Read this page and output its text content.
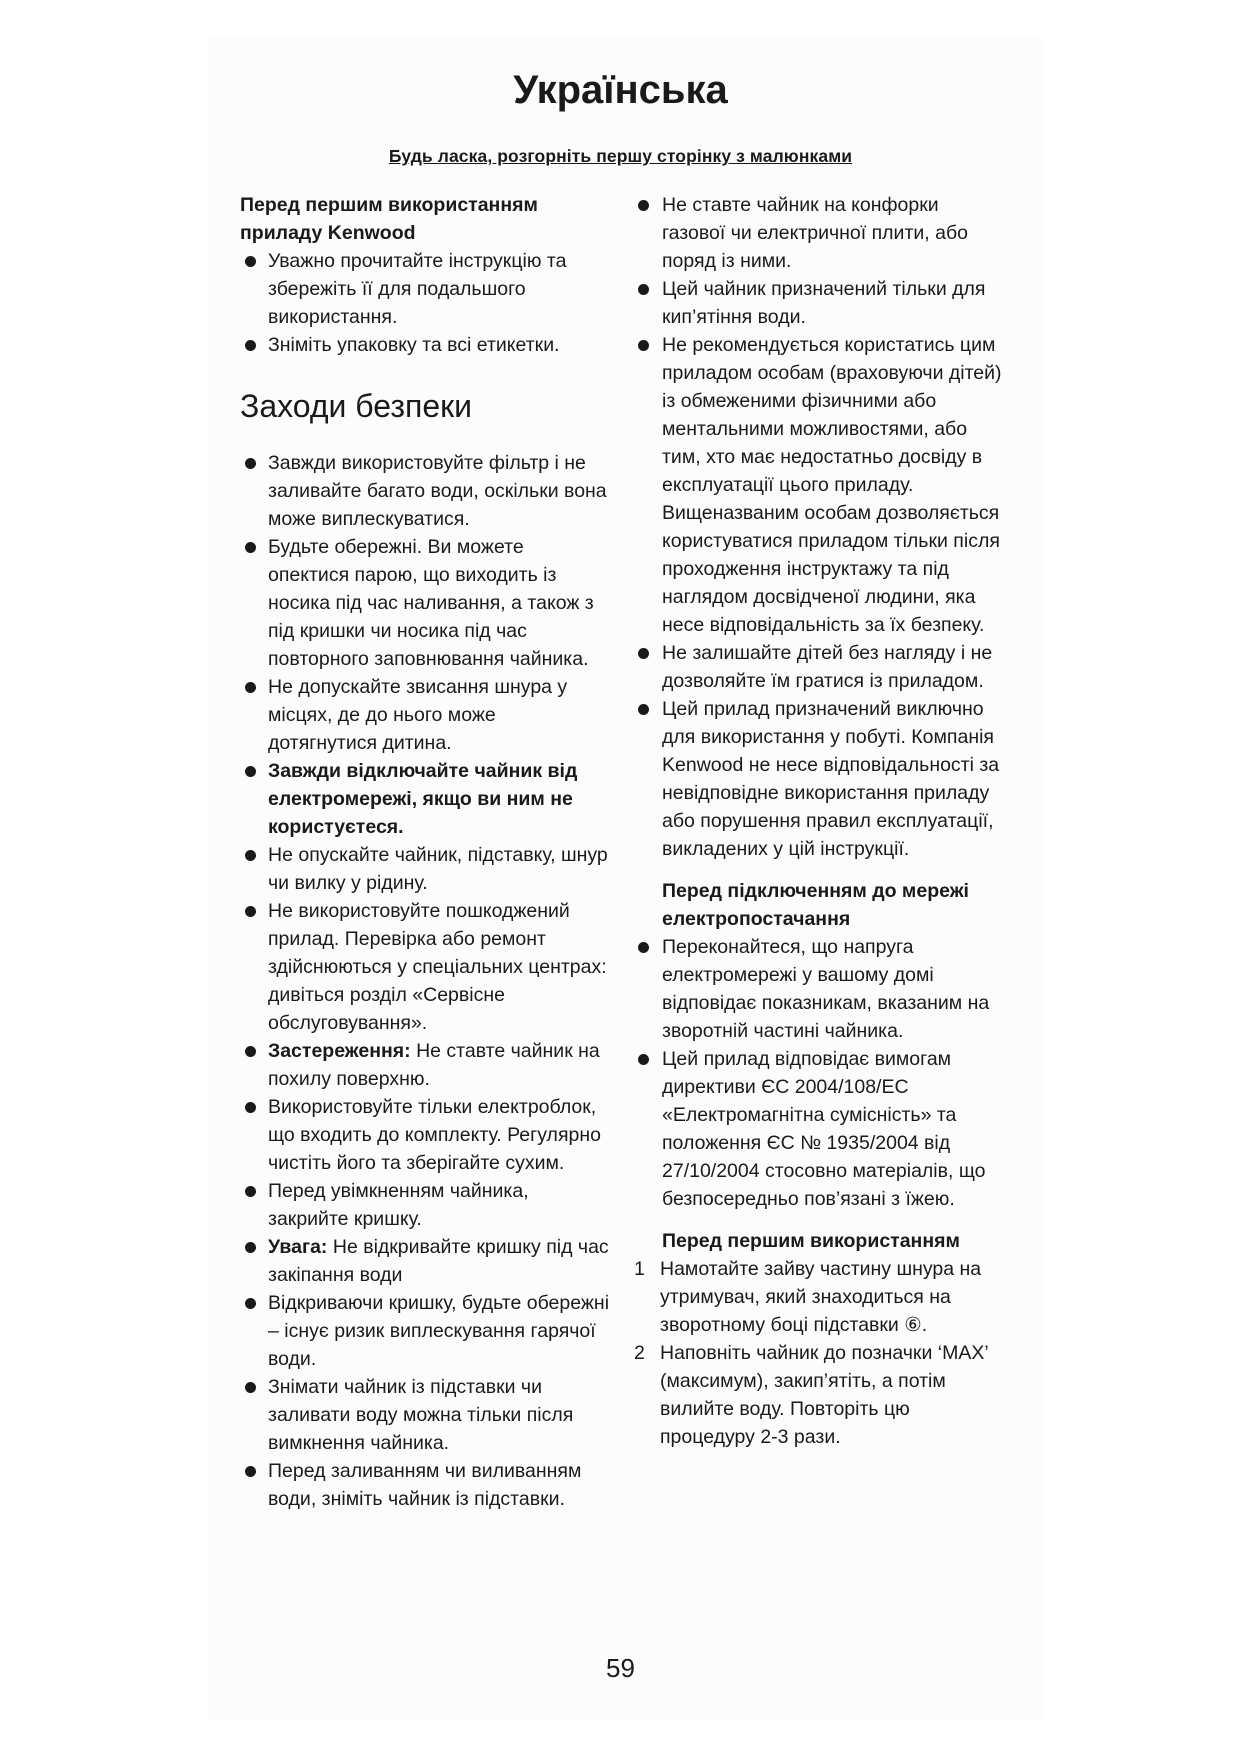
Українська
Будь ласка, розгорніть першу сторінку з малюнками

Перед першим використанням приладу Kenwood

Уважно прочитайте інструкцію та збережіть її для подальшого використання.

Зніміть упаковку та всі етикетки.

Заходи безпеки

Завжди використовуйте фільтр і не заливайте багато води, оскільки вона може виплескуватися.

Будьте обережні. Ви можете опектися парою, що виходить із носика під час наливання, а також з під кришки чи носика під час повторного заповнювання чайника.

Не допускайте звисання шнура у місцях, де до нього може дотягнутися дитина.

Завжди відключайте чайник від електромережі, якщо ви ним не користуєтеся.

Не опускайте чайник, підставку, шнур чи вилку у рідину.

Не використовуйте пошкоджений прилад. Перевірка або ремонт здійснюються у спеціальних центрах: дивіться розділ «Сервісне обслуговування».

Застереження: Не ставте чайник на похилу поверхню.

Використовуйте тільки електроблок, що входить до комплекту. Регулярно чистіть його та зберігайте сухим.

Перед увімкненням чайника, закрийте кришку.

Увага: Не відкривайте кришку під час закіпання води

Відкриваючи кришку, будьте обережні – існує ризик виплескування гарячої води.

Знімати чайник із підставки чи заливати воду можна тільки після вимкнення чайника.

Перед заливанням чи виливанням води, зніміть чайник із підставки.

Не ставте чайник на конфорки газової чи електричної плити, або поряд із ними.

Цей чайник призначений тільки для кип’ятіння води.

Не рекомендується користатись цим приладом особам (враховуючи дітей) із обмеженими фізичними або ментальними можливостями, або тим, хто має недостатньо досвіду в експлуатації цього приладу. Вищеназваним особам дозволяється користуватися приладом тільки після проходження інструктажу та під наглядом досвідченої людини, яка несе відповідальність за їх безпеку.

Не залишайте дітей без нагляду і не дозволяйте їм гратися із приладом.

Цей прилад призначений виключно для використання у побуті. Компанія Kenwood не несе відповідальності за невідповідне використання приладу або порушення правил експлуатації, викладених у цій інструкції.

Перед підключенням до мережі електропостачання

Переконайтеся, що напруга електромережі у вашому домі відповідає показникам, вказаним на зворотній частині чайника.

Цей прилад відповідає вимогам директиви ЄС 2004/108/ЕС «Електромагнітна сумісність» та положення ЄС № 1935/2004 від 27/10/2004 стосовно матеріалів, що безпосередньо пов’язані з їжею.

Перед першим використанням

1 Намотайте зайву частину шнура на утримувач, який знаходиться на зворотному боці підставки ⑥.

2 Наповніть чайник до позначки ‘MAX’ (максимум), закип’ятіть, а потім вилийте воду. Повторіть цю процедуру 2-3 рази.

59
